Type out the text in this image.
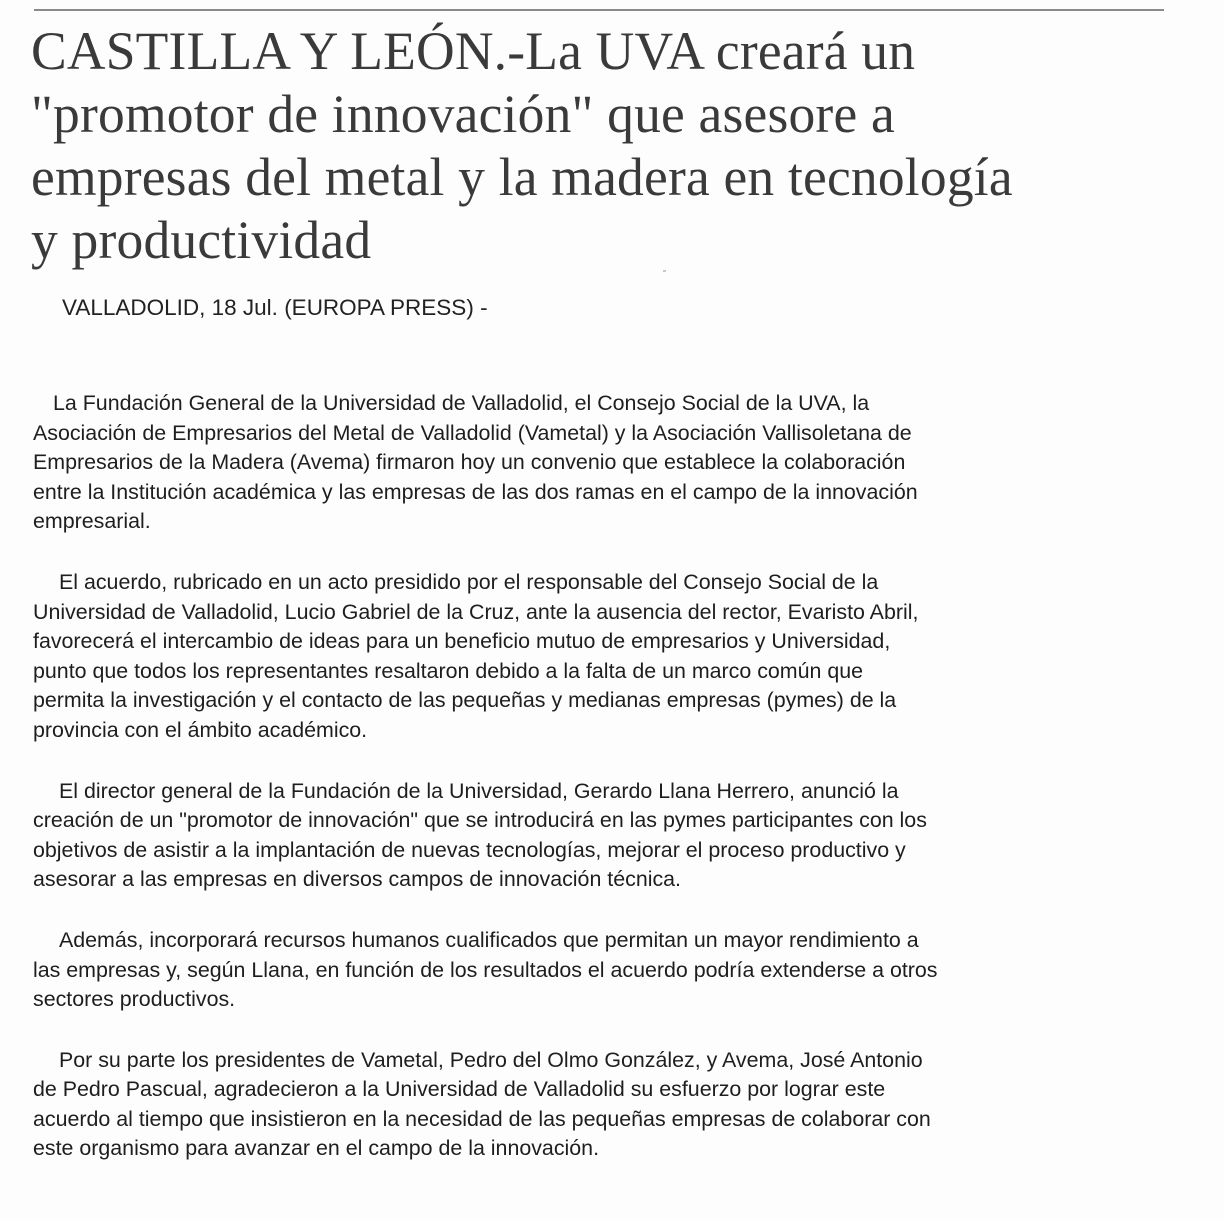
CASTILLA Y LEÓN.-La UVA creará un
"promotor de innovación" que asesore a
empresas del metal y la madera en tecnología
y productividad

VALLADOLID, 18 Jul. (EUROPA PRESS) -

La Fundación General de la Universidad de Valladolid, el Consejo Social de la UVA, la
Asociación de Empresarios del Metal de Valladolid (Vametal) y la Asociación Vallisoletana de
Empresarios de la Madera (Avema) firmaron hoy un convenio que establece la colaboración
entre la Institución académica y las empresas de las dos ramas en el campo de la innovación
empresarial.

El acuerdo, rubricado en un acto presidido por el responsable del Consejo Social de la
Universidad de Valladolid, Lucio Gabriel de la Cruz, ante la ausencia del rector, Evaristo Abril,
favorecerá el intercambio de ideas para un beneficio mutuo de empresarios y Universidad,
punto que todos los representantes resaltaron debido a la falta de un marco común que
permita la investigación y el contacto de las pequeñas y medianas empresas (pymes) de la
provincia con el ámbito académico.

El director general de la Fundación de la Universidad, Gerardo Llana Herrero, anunció la
creación de un "promotor de innovación" que se introducirá en las pymes participantes con los
objetivos de asistir a la implantación de nuevas tecnologías, mejorar el proceso productivo y
asesorar a las empresas en diversos campos de innovación técnica.

Además, incorporará recursos humanos cualificados que permitan un mayor rendimiento a
las empresas y, según Llana, en función de los resultados el acuerdo podría extenderse a otros
sectores productivos.

Por su parte los presidentes de Vametal, Pedro del Olmo González, y Avema, José Antonio
de Pedro Pascual, agradecieron a la Universidad de Valladolid su esfuerzo por lograr este
acuerdo al tiempo que insistieron en la necesidad de las pequeñas empresas de colaborar con
este organismo para avanzar en el campo de la innovación.
